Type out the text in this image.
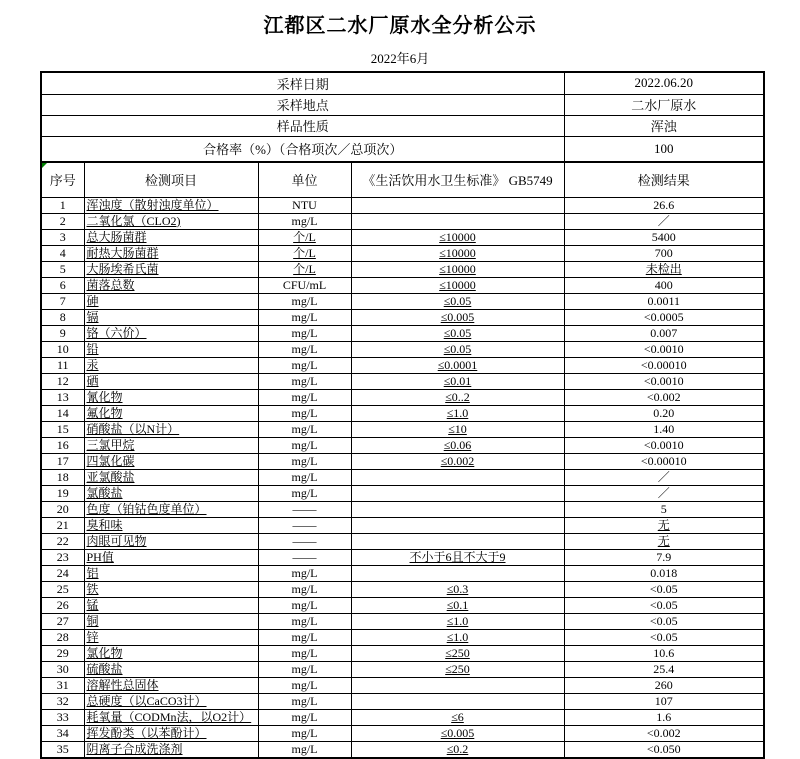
江都区二水厂原水全分析公示
2022年6月
采样日期				2022.06.20
采样地点				二水厂原水
样品性质				浑浊
合格率（%）（合格项次／总项次）				100

序号	检测项目	单位	《生活饮用水卫生标准》 GB5749	检测结果
1	浑浊度（散射浊度单位）	NTU		26.6
2	二氧化氯（CLO2)	mg/L		／
3	总大肠菌群	个/L	≤10000	5400
4	耐热大肠菌群	个/L	≤10000	700
5	大肠埃希氏菌	个/L	≤10000	未检出
6	菌落总数	CFU/mL	≤10000	400
7	砷	mg/L	≤0.05	0.0011
8	镉	mg/L	≤0.005	<0.0005
9	铬（六价）	mg/L	≤0.05	0.007
10	铅	mg/L	≤0.05	<0.0010
11	汞	mg/L	≤0.0001	<0.00010
12	硒	mg/L	≤0.01	<0.0010
13	氰化物	mg/L	≤0..2	<0.002
14	氟化物	mg/L	≤1.0	0.20
15	硝酸盐（以N计）	mg/L	≤10	1.40
16	三氯甲烷	mg/L	≤0.06	<0.0010
17	四氯化碳	mg/L	≤0.002	<0.00010
18	亚氯酸盐	mg/L		／
19	氯酸盐	mg/L		／
20	色度（铂钴色度单位）	——		5
21	臭和味	——		无
22	肉眼可见物	——		无
23	PH值	——	不小于6且不大于9	7.9
24	铝	mg/L		0.018
25	铁	mg/L	≤0.3	<0.05
26	锰	mg/L	≤0.1	<0.05
27	铜	mg/L	≤1.0	<0.05
28	锌	mg/L	≤1.0	<0.05
29	氯化物	mg/L	≤250	10.6
30	硫酸盐	mg/L	≤250	25.4
31	溶解性总固体	mg/L		260
32	总硬度（以CaCO3计）	mg/L		107
33	耗氧量（CODMn法，以O2计）	mg/L	≤6	1.6
34	挥发酚类（以苯酚计）	mg/L	≤0.005	<0.002
35	阴离子合成洗涤剂	mg/L	≤0.2	<0.050
